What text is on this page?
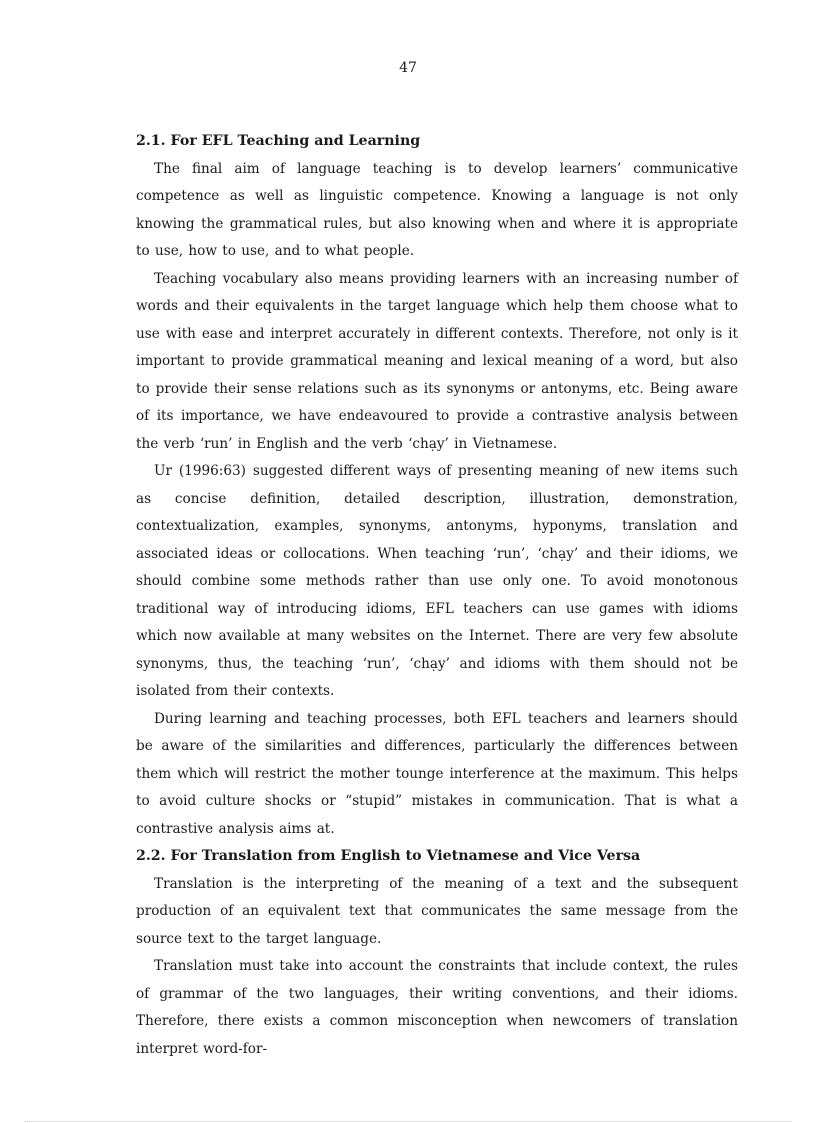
47
2.1. For EFL Teaching and Learning

The final aim of language teaching is to develop learners’ communicative competence as well as linguistic competence. Knowing a language is not only knowing the grammatical rules, but also knowing when and where it is appropriate to use, how to use, and to what people.

Teaching vocabulary also means providing learners with an increasing number of words and their equivalents in the target language which help them choose what to use with ease and interpret accurately in different contexts. Therefore, not only is it important to provide grammatical meaning and lexical meaning of a word, but also to provide their sense relations such as its synonyms or antonyms, etc. Being aware of its importance, we have endeavoured to provide a contrastive analysis between the verb ‘run’ in English and the verb ‘chạy’ in Vietnamese.

Ur (1996:63) suggested different ways of presenting meaning of new items such as concise definition, detailed description, illustration, demonstration, contextualization, examples, synonyms, antonyms, hyponyms, translation and associated ideas or collocations. When teaching ‘run’, ‘chạy’ and their idioms, we should combine some methods rather than use only one. To avoid monotonous traditional way of introducing idioms, EFL teachers can use games with idioms which now available at many websites on the Internet. There are very few absolute synonyms, thus, the teaching ‘run’, ‘chạy’ and idioms with them should not be isolated from their contexts.

During learning and teaching processes, both EFL teachers and learners should be aware of the similarities and differences, particularly the differences between them which will restrict the mother tounge interference at the maximum. This helps to avoid culture shocks or “stupid” mistakes in communication. That is what a contrastive analysis aims at.

2.2. For Translation from English to Vietnamese and Vice Versa

Translation is the interpreting of the meaning of a text and the subsequent production of an equivalent text that communicates the same message from the source text to the target language.

Translation must take into account the constraints that include context, the rules of grammar of the two languages, their writing conventions, and their idioms. Therefore, there exists a common misconception when newcomers of translation interpret word-for-
